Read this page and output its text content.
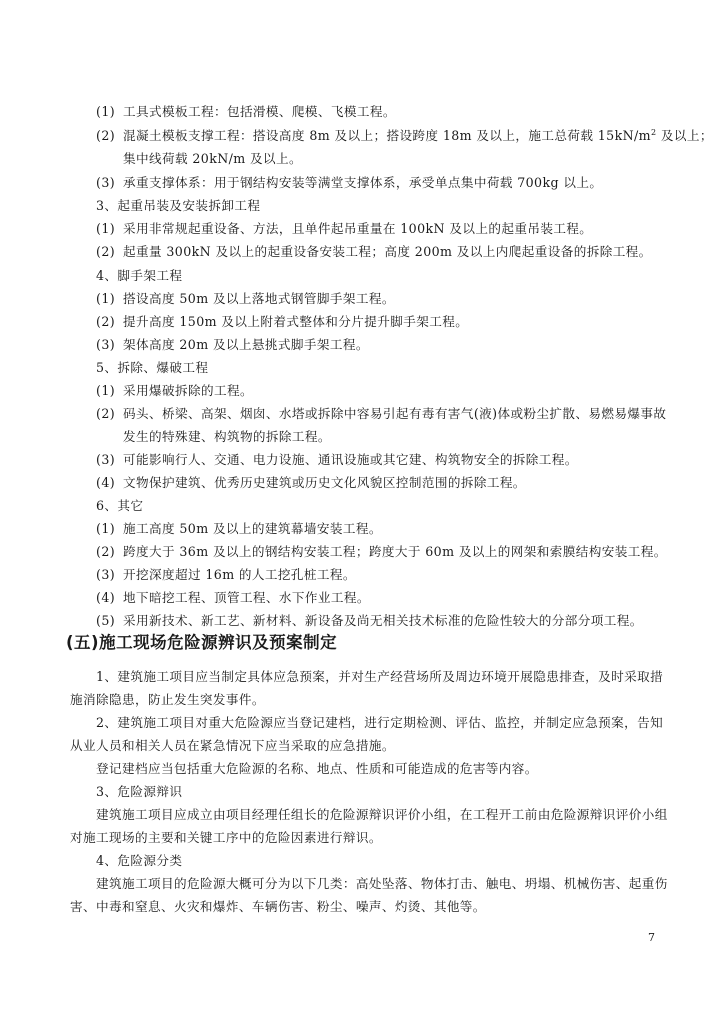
(1) 工具式模板工程：包括滑模、爬模、飞模工程。
(2) 混凝土模板支撑工程：搭设高度 8m 及以上；搭设跨度 18m 及以上，施工总荷载 $15kN/m^2$ 及以上；
集中线荷载 20kN/m 及以上。
(3) 承重支撑体系：用于钢结构安装等满堂支撑体系，承受单点集中荷载 700kg 以上。
3、起重吊装及安装拆卸工程
(1) 采用非常规起重设备、方法，且单件起吊重量在 100kN 及以上的起重吊装工程。
(2) 起重量 300kN 及以上的起重设备安装工程；高度 200m 及以上内爬起重设备的拆除工程。
4、脚手架工程
(1) 搭设高度 50m 及以上落地式钢管脚手架工程。
(2) 提升高度 150m 及以上附着式整体和分片提升脚手架工程。
(3) 架体高度 20m 及以上悬挑式脚手架工程。
5、拆除、爆破工程
(1) 采用爆破拆除的工程。
(2) 码头、桥梁、高架、烟囱、水塔或拆除中容易引起有毒有害气(液)体或粉尘扩散、易燃易爆事故
发生的特殊建、构筑物的拆除工程。
(3) 可能影响行人、交通、电力设施、通讯设施或其它建、构筑物安全的拆除工程。
(4) 文物保护建筑、优秀历史建筑或历史文化风貌区控制范围的拆除工程。
6、其它
(1) 施工高度 50m 及以上的建筑幕墙安装工程。
(2) 跨度大于 36m 及以上的钢结构安装工程；跨度大于 60m 及以上的网架和索膜结构安装工程。
(3) 开挖深度超过 16m 的人工挖孔桩工程。
(4) 地下暗挖工程、顶管工程、水下作业工程。
(5) 采用新技术、新工艺、新材料、新设备及尚无相关技术标准的危险性较大的分部分项工程。
(五)施工现场危险源辨识及预案制定
1、建筑施工项目应当制定具体应急预案，并对生产经营场所及周边环境开展隐患排查，及时采取措
施消除隐患，防止发生突发事件。
2、建筑施工项目对重大危险源应当登记建档，进行定期检测、评估、监控，并制定应急预案，告知
从业人员和相关人员在紧急情况下应当采取的应急措施。
登记建档应当包括重大危险源的名称、地点、性质和可能造成的危害等内容。
3、危险源辩识
建筑施工项目应成立由项目经理任组长的危险源辩识评价小组，在工程开工前由危险源辩识评价小组
对施工现场的主要和关键工序中的危险因素进行辩识。
4、危险源分类
建筑施工项目的危险源大概可分为以下几类：高处坠落、物体打击、触电、坍塌、机械伤害、起重伤
害、中毒和窒息、火灾和爆炸、车辆伤害、粉尘、噪声、灼烫、其他等。
7
